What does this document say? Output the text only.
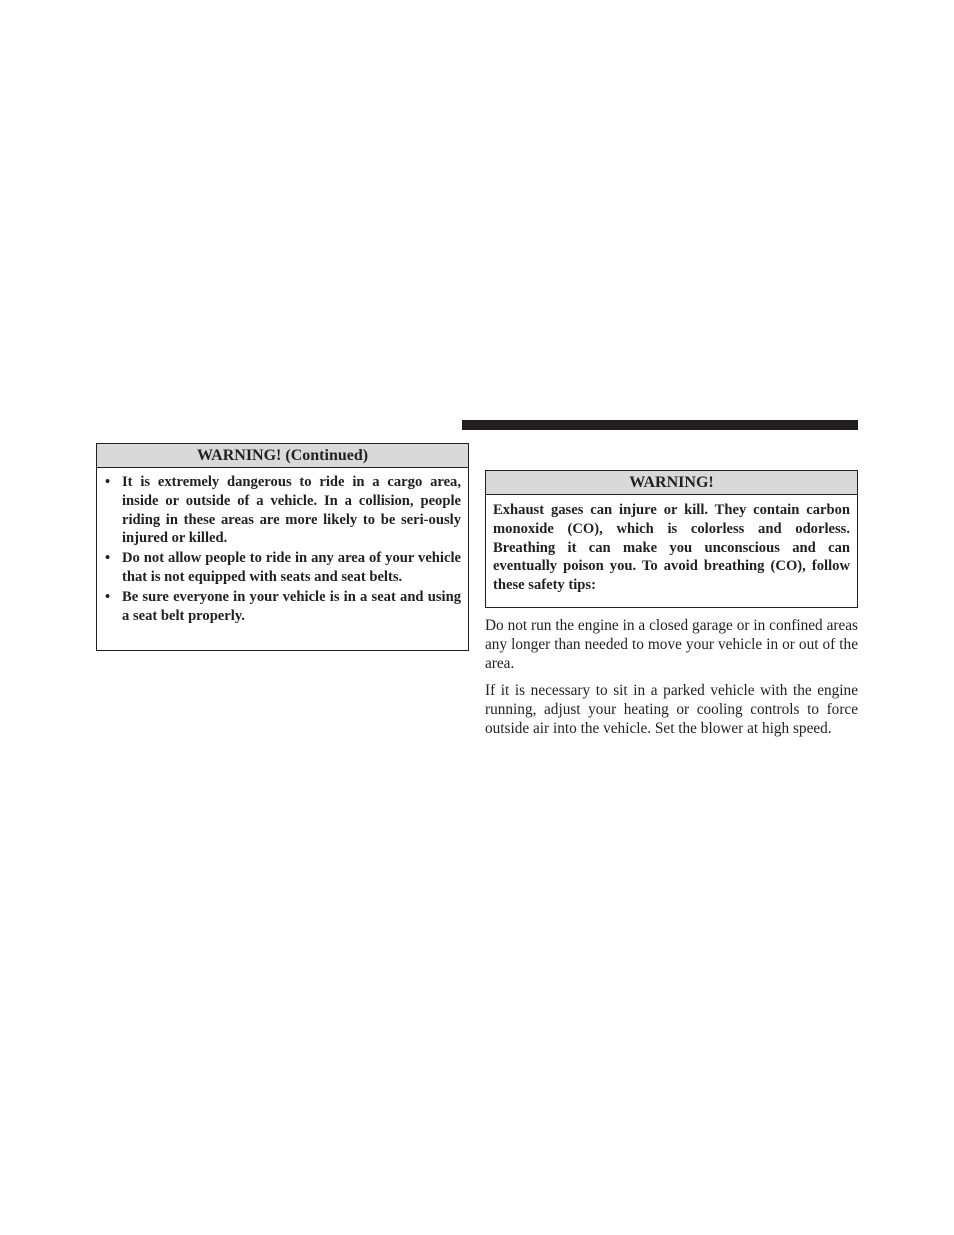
WARNING! (Continued)
• It is extremely dangerous to ride in a cargo area, inside or outside of a vehicle. In a collision, people riding in these areas are more likely to be seri-ously injured or killed.
• Do not allow people to ride in any area of your vehicle that is not equipped with seats and seat belts.
• Be sure everyone in your vehicle is in a seat and using a seat belt properly.
WARNING!

Exhaust gases can injure or kill. They contain carbon monoxide (CO), which is colorless and odorless. Breathing it can make you unconscious and can eventually poison you. To avoid breathing (CO), follow these safety tips:

Do not run the engine in a closed garage or in confined areas any longer than needed to move your vehicle in or out of the area.

If it is necessary to sit in a parked vehicle with the engine running, adjust your heating or cooling controls to force outside air into the vehicle. Set the blower at high speed.
